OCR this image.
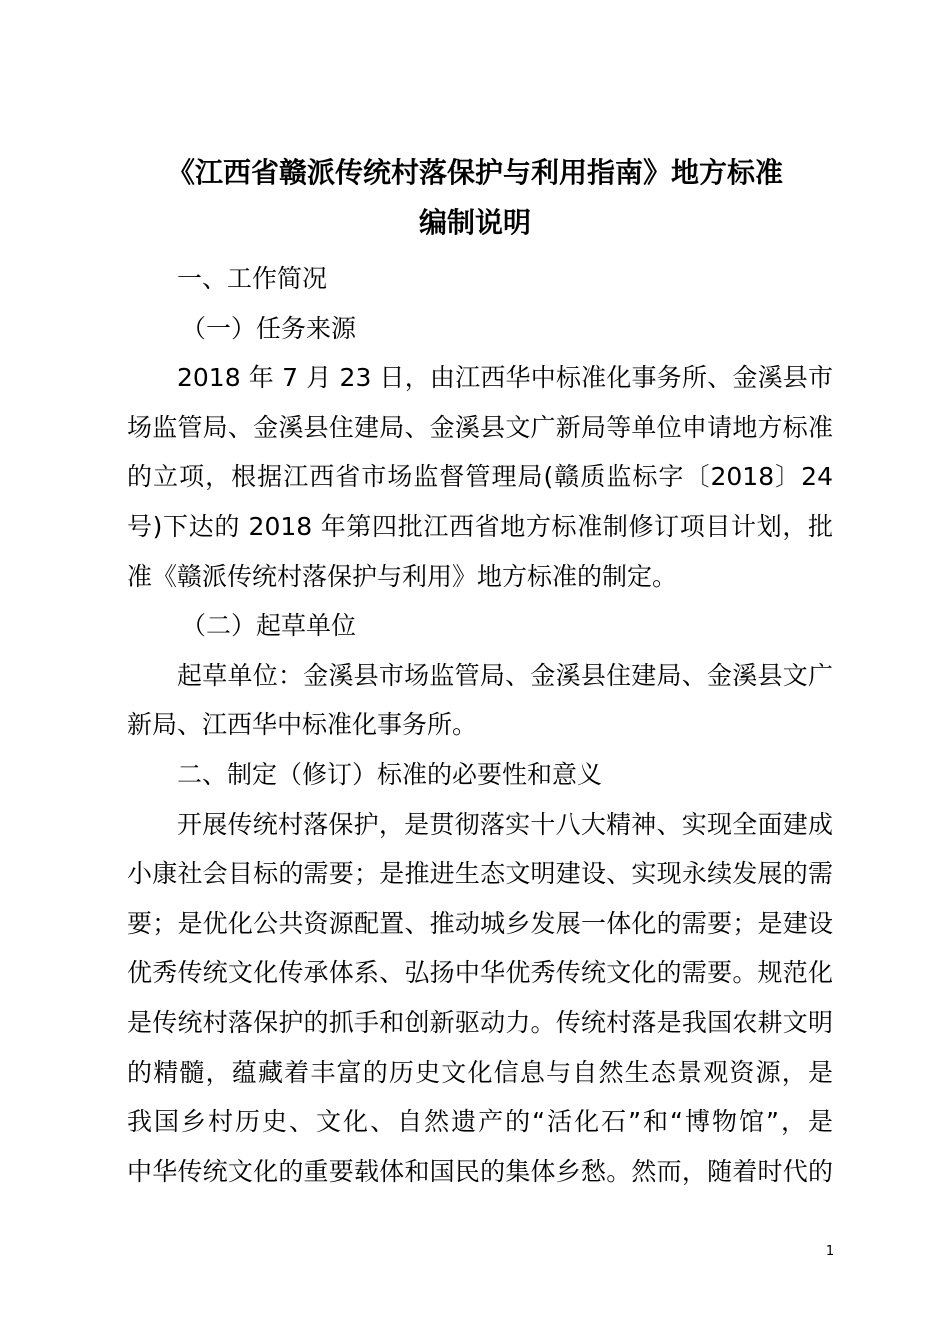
《江西省赣派传统村落保护与利用指南》地方标准
编制说明
一、工作简况
（一）任务来源
2018 年 7 月 23 日，由江西华中标准化事务所、金溪县市
场监管局、金溪县住建局、金溪县文广新局等单位申请地方标准
的立项，根据江西省市场监督管理局(赣质监标字〔2018〕24
号)下达的 2018 年第四批江西省地方标准制修订项目计划，批
准《赣派传统村落保护与利用》地方标准的制定。
（二）起草单位
起草单位：金溪县市场监管局、金溪县住建局、金溪县文广
新局、江西华中标准化事务所。
二、制定（修订）标准的必要性和意义
开展传统村落保护，是贯彻落实十八大精神、实现全面建成
小康社会目标的需要；是推进生态文明建设、实现永续发展的需
要；是优化公共资源配置、推动城乡发展一体化的需要；是建设
优秀传统文化传承体系、弘扬中华优秀传统文化的需要。规范化
是传统村落保护的抓手和创新驱动力。传统村落是我国农耕文明
的精髓，蕴藏着丰富的历史文化信息与自然生态景观资源，是
我国乡村历史、文化、自然遗产的“活化石”和“博物馆”，是
中华传统文化的重要载体和国民的集体乡愁。然而，随着时代的
1
